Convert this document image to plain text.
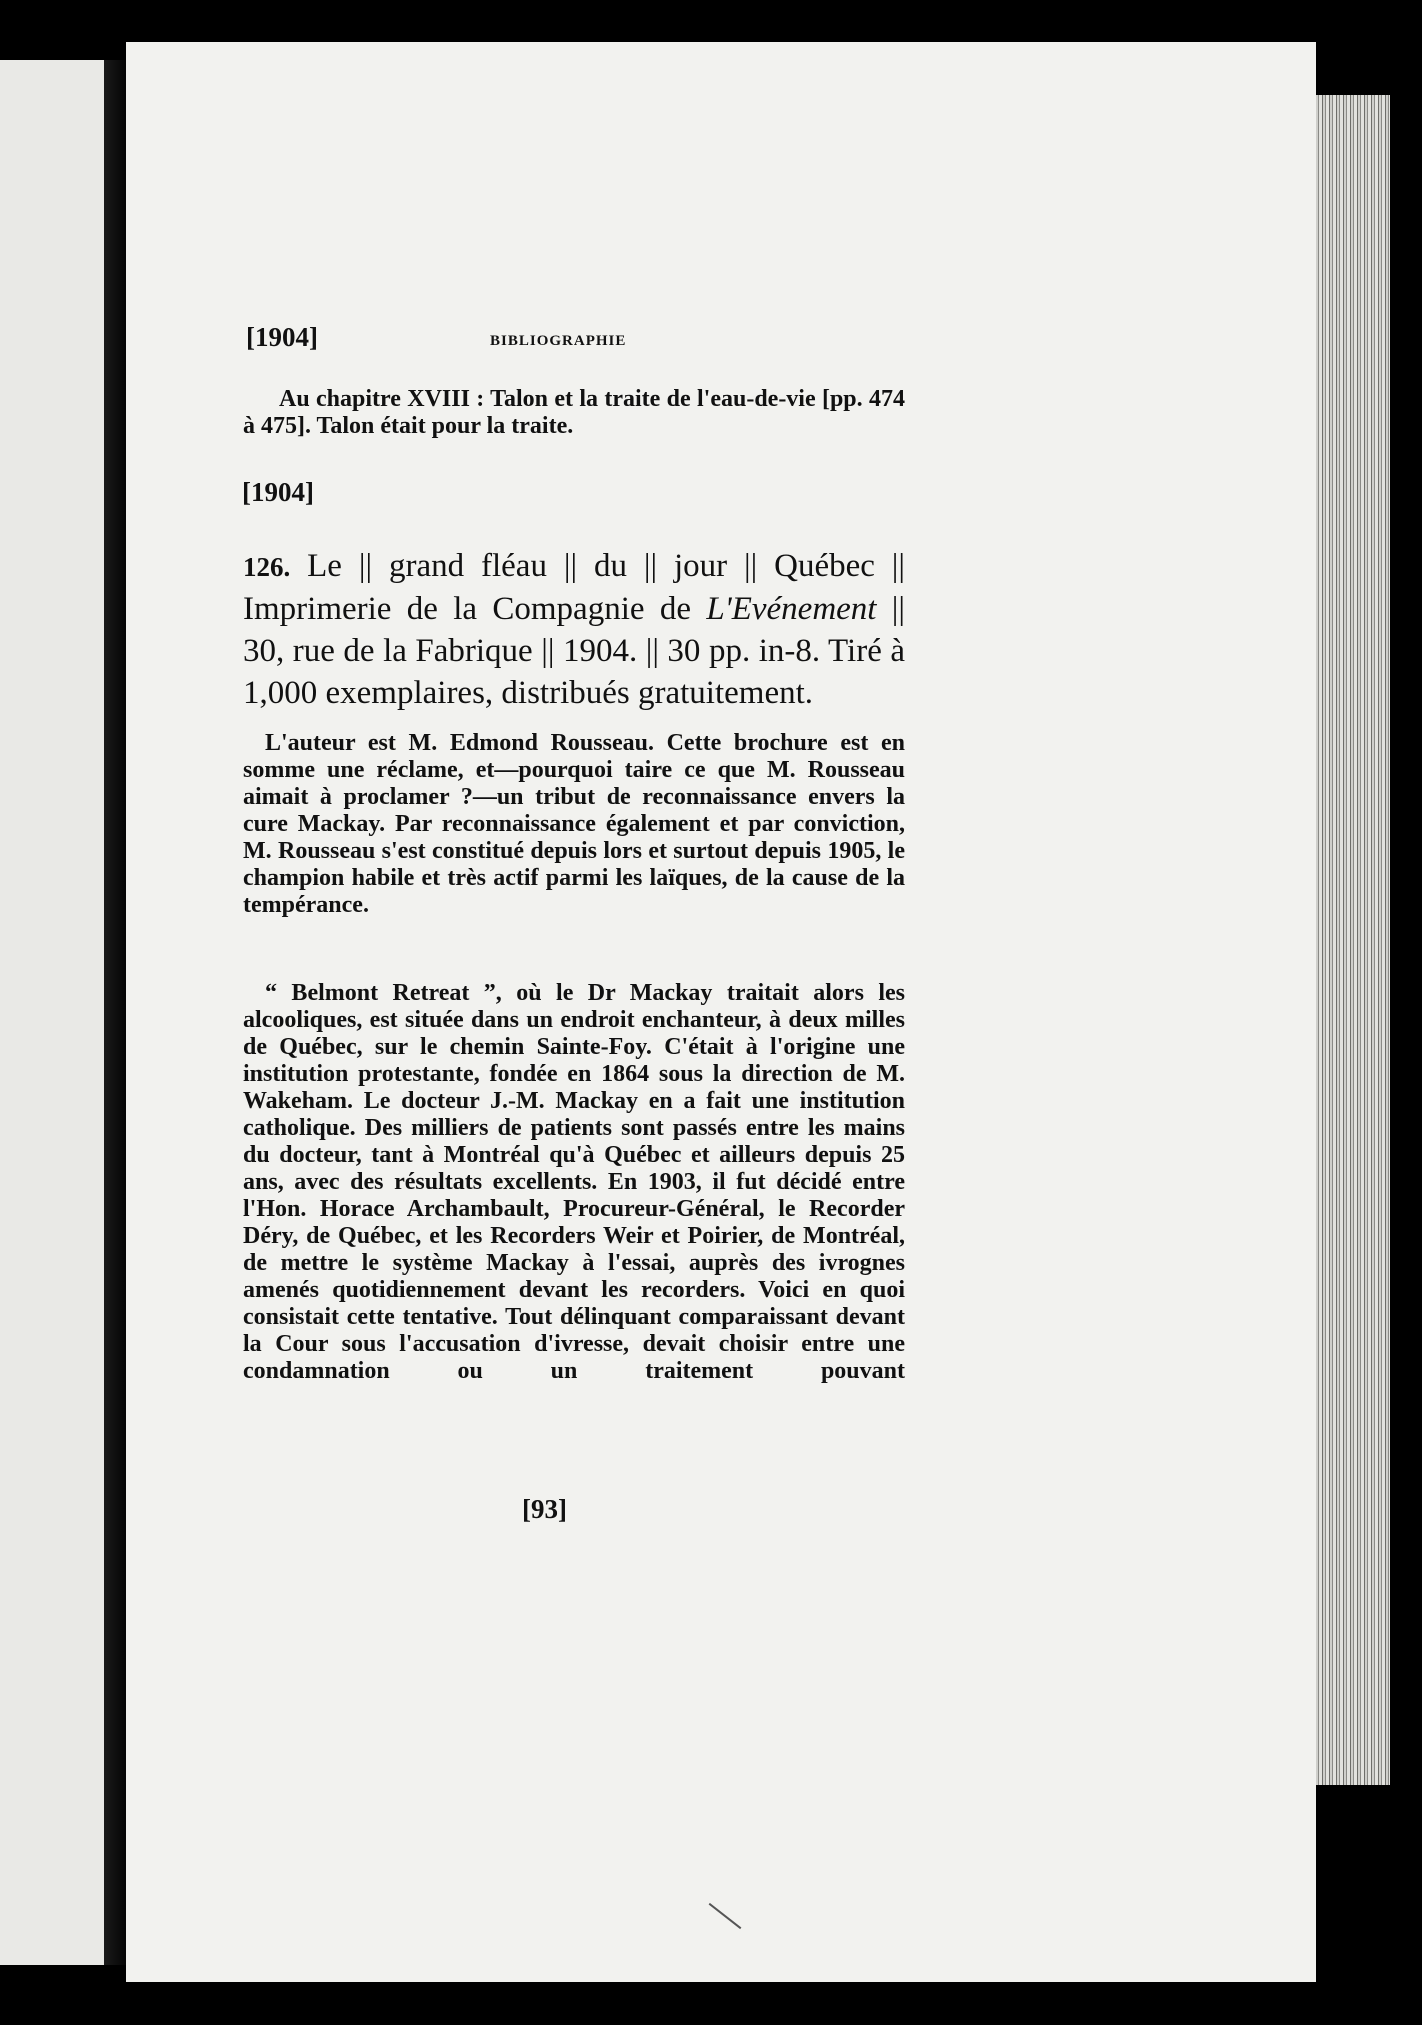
[1904]	BIBLIOGRAPHIE

Au chapitre XVIII : Talon et la traite de l'eau-de-vie [pp. 474 à 475]. Talon était pour la traite.

[1904]

126. Le || grand fléau || du || jour || Québec || Imprimerie de la Compagnie de L'Evénement || 30, rue de la Fabrique || 1904. || 30 pp. in-8. Tiré à 1,000 exemplaires, distribués gratuitement.

L'auteur est M. Edmond Rousseau. Cette brochure est en somme une réclame, et—pourquoi taire ce que M. Rousseau aimait à proclamer ?—un tribut de reconnaissance envers la cure Mackay. Par reconnaissance également et par conviction, M. Rousseau s'est constitué depuis lors et surtout depuis 1905, le champion habile et très actif parmi les laïques, de la cause de la tempérance.

“ Belmont Retreat ”, où le Dr Mackay traitait alors les alcooliques, est située dans un endroit enchanteur, à deux milles de Québec, sur le chemin Sainte-Foy. C'était à l'origine une institution protestante, fondée en 1864 sous la direction de M. Wakeham. Le docteur J.-M. Mackay en a fait une institution catholique. Des milliers de patients sont passés entre les mains du docteur, tant à Montréal qu'à Québec et ailleurs depuis 25 ans, avec des résultats excellents. En 1903, il fut décidé entre l'Hon. Horace Archambault, Procureur-Général, le Recorder Déry, de Québec, et les Recorders Weir et Poirier, de Montréal, de mettre le système Mackay à l'essai, auprès des ivrognes amenés quotidiennement devant les recorders. Voici en quoi consistait cette tentative. Tout délinquant comparaissant devant la Cour sous l'accusation d'ivresse, devait choisir entre une condamnation ou un traitement pouvant

[93]
